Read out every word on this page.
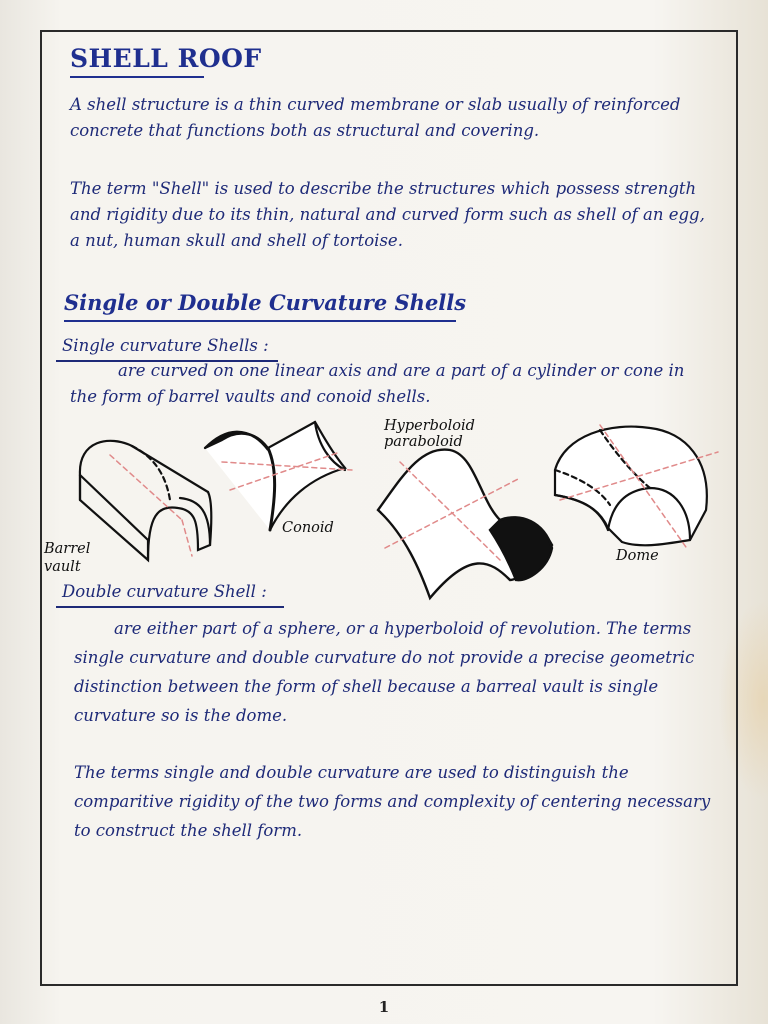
SHELL ROOF

A shell structure is a thin curved membrane or slab usually of reinforced concrete that functions both as structural and covering.

The term "Shell" is used to describe the structures which possess strength and rigidity due to its thin, natural and curved form such as shell of an egg, a nut, human skull and shell of tortoise.

Single or Double Curvature Shells

Single curvature Shells :

are curved on one linear axis and are a part of a cylinder or cone in the form of barrel vaults and conoid shells.

Barrel vault

Conoid

Hyperboloid paraboloid

Dome

Double curvature Shell :

are either part of a sphere, or a hyperboloid of revolution. The terms single curvature and double curvature do not provide a precise geometric distinction between the form of shell because a barreal vault is single curvature so is the dome.

The terms single and double curvature are used to distinguish the comparitive rigidity of the two forms and complexity of centering necessary to construct the shell form.

1
